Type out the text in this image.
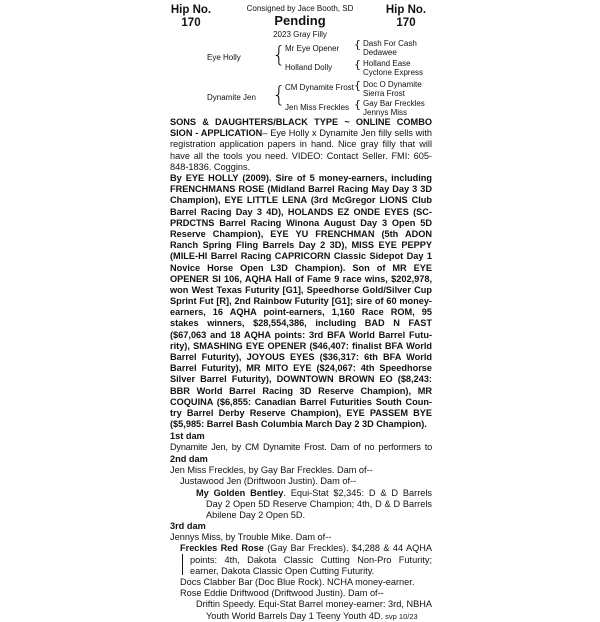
Hip No.
170
Consigned by Jace Booth, SD
Pending
2023 Gray Filly
Hip No.
170
Eye Holly { Mr Eye Opener
Holland Dolly
{ Dash For Cash
Dedawee
{ Holland Ease
Cyclone Express
Dynamite Jen { CM Dynamite Frost
Jen Miss Freckles
{ Doc O Dynamite
Sierra Frost
{ Gay Bar Freckles
Jennys Miss
SONS & DAUGHTERS/BLACK TYPE ~ ONLINE COMBO
SION - APPLICATION– Eye Holly x Dynamite Jen filly sells with
registration application papers in hand. Nice gray filly that will
have all the tools you need. VIDEO: Contact Seller. FMI: 605-
848-1836. Coggins.
By EYE HOLLY (2009). Sire of 5 money-earners, including
FRENCHMANS ROSE (Midland Barrel Racing May Day 3 3D
Champion), EYE LITTLE LENA (3rd McGregor LIONS Club
Barrel Racing Day 3 4D), HOLANDS EZ ONDE EYES (SC-
PRDCTNS Barrel Racing Winona August Day 3 Open 5D
Reserve Champion), EYE YU FRENCHMAN (5th ADON
Ranch Spring Fling Barrels Day 2 3D), MISS EYE PEPPY
(MILE-HI Barrel Racing CAPRICORN Classic Sidepot Day 1
Novice Horse Open L3D Champion). Son of MR EYE
OPENER SI 106, AQHA Hall of Fame 9 race wins, $202,978,
won West Texas Futurity [G1], Speedhorse Gold/Silver Cup
Sprint Fut [R], 2nd Rainbow Futurity [G1]; sire of 60 money-
earners, 16 AQHA point-earners, 1,160 Race ROM, 95
stakes winners, $28,554,386, including BAD N FAST
($67,063 and 18 AQHA points: 3rd BFA World Barrel Futu-
rity), SMASHING EYE OPENER ($46,407: finalist BFA World
Barrel Futurity), JOYOUS EYES ($36,317: 6th BFA World
Barrel Futurity), MR MITO EYE ($24,067: 4th Speedhorse
Silver Barrel Futurity), DOWNTOWN BROWN EO ($8,243:
BBR World Barrel Racing 3D Reserve Champion), MR
COQUINA ($6,855: Canadian Barrel Futurities South Coun-
try Barrel Derby Reserve Champion), EYE PASSEM BYE
($5,985: Barrel Bash Columbia March Day 2 3D Champion).
1st dam
Dynamite Jen, by CM Dynamite Frost. Dam of no performers to
2nd dam
Jen Miss Freckles, by Gay Bar Freckles. Dam of--
Justawood Jen (Driftwoon Justin). Dam of--
My Golden Bentley. Equi-Stat $2,345: D & D Barrels
Day 2 Open 5D Reserve Champion; 4th, D & D Barrels
Abilene Day 2 Open 5D.
3rd dam
Jennys Miss, by Trouble Mike. Dam of--
Freckles Red Rose (Gay Bar Freckles). $4,288 & 44 AQHA
points: 4th, Dakota Classic Cutting Non-Pro Futurity;
earner, Dakota Classic Open Cutting Futurity.
Docs Clabber Bar (Doc Blue Rock). NCHA money-earner.
Rose Eddie Driftwood (Driftwood Justin). Dam of--
Driftin Speedy. Equi-Stat Barrel money-earner: 3rd, NBHA
Youth World Barrels Day 1 Teeny Youth 4D. svp 10/23
